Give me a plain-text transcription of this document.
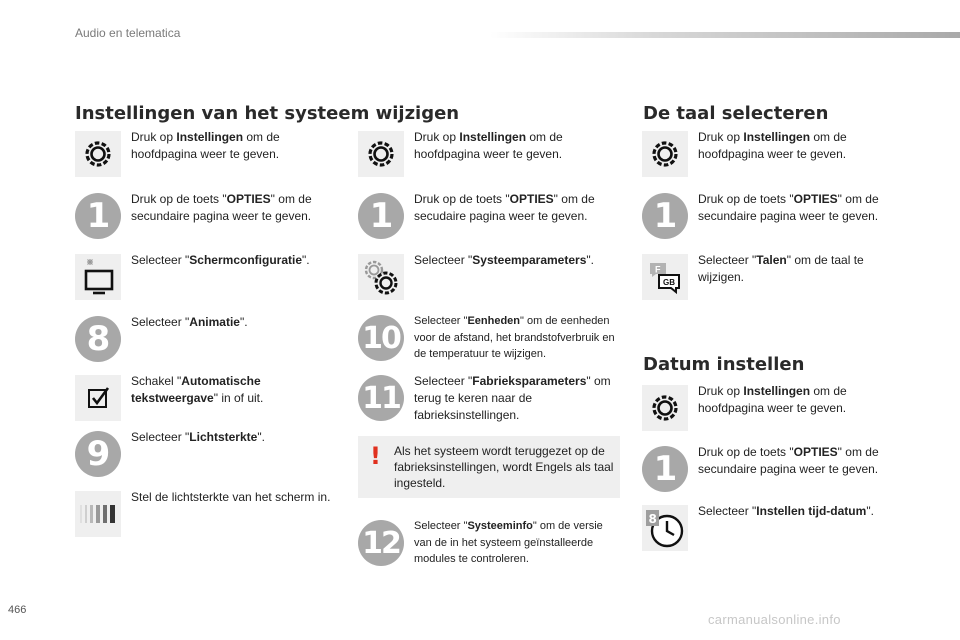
Audio en telematica
Instellingen van het systeem wijzigen	De taal selecteren
Datum instellen
Druk op Instellingen om de hoofdpagina weer te geven.
1	Druk op de toets "OPTIES" om de secundaire pagina weer te geven.
Selecteer "Schermconfiguratie".
8	Selecteer "Animatie".
Schakel "Automatische tekstweergave" in of uit.
9	Selecteer "Lichtsterkte".
Stel de lichtsterkte van het scherm in.
Druk op Instellingen om de hoofdpagina weer te geven.
1	Druk op de toets "OPTIES" om de secudaire pagina weer te geven.
Selecteer "Systeemparameters".
10	Selecteer "Eenheden" om de eenheden voor de afstand, het brandstofverbruik en de temperatuur te wijzigen.
11	Selecteer "Fabrieksparameters" om terug te keren naar de fabrieksinstellingen.
! Als het systeem wordt teruggezet op de fabrieksinstellingen, wordt Engels als taal ingesteld.
12	Selecteer "Systeeminfo" om de versie van de in het systeem geïnstalleerde modules te controleren.
Druk op Instellingen om de hoofdpagina weer te geven.
1	Druk op de toets "OPTIES" om de secundaire pagina weer te geven.
F
GB
Selecteer "Talen" om de taal te wijzigen.
Druk op Instellingen om de hoofdpagina weer te geven.
1	Druk op de toets "OPTIES" om de secundaire pagina weer te geven.
8
Selecteer "Instellen tijd-datum".
466
carmanualsonline.info
